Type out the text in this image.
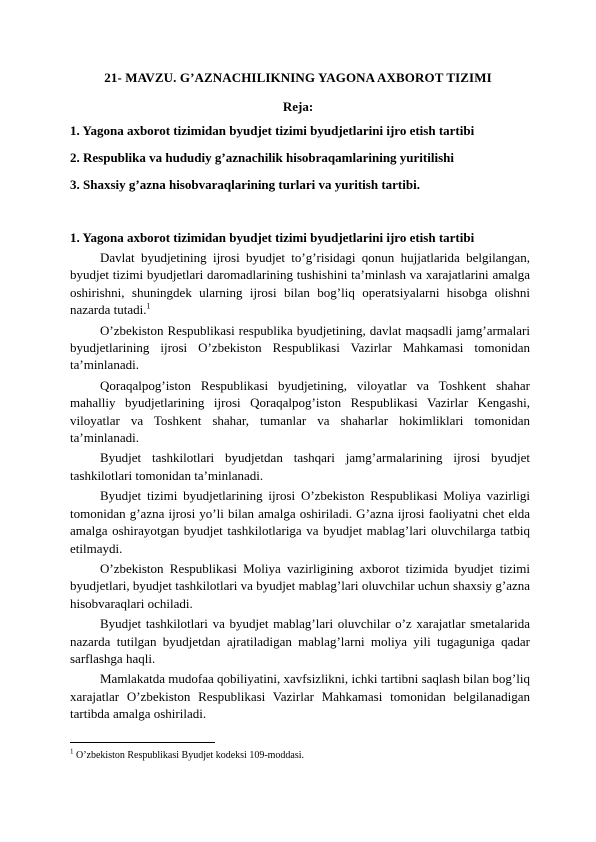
21- MAVZU. G’AZNACHILIKNING YAGONA AXBOROT TIZIMI
Reja:
1. Yagona axborot tizimidan byudjet tizimi byudjetlarini ijro etish tartibi
2. Respublika va hududiy g’aznachilik hisobraqamlarining yuritilishi
3. Shaxsiy g’azna hisobvaraqlarining turlari va yuritish tartibi.
1. Yagona axborot tizimidan byudjet tizimi byudjetlarini ijro etish tartibi

Davlat byudjetining ijrosi byudjet to’g’risidagi qonun hujjatlarida belgilangan, byudjet tizimi byudjetlari daromadlarining tushishini ta’minlash va xarajatlarini amalga oshirishni, shuningdek ularning ijrosi bilan bog’liq operatsiyalarni hisobga olishni nazarda tutadi.$^1$

O’zbekiston Respublikasi respublika byudjetining, davlat maqsadli jamg’armalari byudjetlarining ijrosi O’zbekiston Respublikasi Vazirlar Mahkamasi tomonidan ta’minlanadi.

Qoraqalpog’iston Respublikasi byudjetining, viloyatlar va Toshkent shahar mahalliy byudjetlarining ijrosi Qoraqalpog’iston Respublikasi Vazirlar Kengashi, viloyatlar va Toshkent shahar, tumanlar va shaharlar hokimliklari tomonidan ta’minlanadi.

Byudjet tashkilotlari byudjetdan tashqari jamg’armalarining ijrosi byudjet tashkilotlari tomonidan ta’minlanadi.

Byudjet tizimi byudjetlarining ijrosi O’zbekiston Respublikasi Moliya vazirligi tomonidan g’azna ijrosi yo’li bilan amalga oshiriladi. G’azna ijrosi faoliyatni chet elda amalga oshirayotgan byudjet tashkilotlariga va byudjet mablag’lari oluvchilarga tatbiq etilmaydi.

O’zbekiston Respublikasi Moliya vazirligining axborot tizimida byudjet tizimi byudjetlari, byudjet tashkilotlari va byudjet mablag’lari oluvchilar uchun shaxsiy g’azna hisobvaraqlari ochiladi.

Byudjet tashkilotlari va byudjet mablag’lari oluvchilar o’z xarajatlar smetalarida nazarda tutilgan byudjetdan ajratiladigan mablag’larni moliya yili tugaguniga qadar sarflashga haqli.

Mamlakatda mudofaa qobiliyatini, xavfsizlikni, ichki tartibni saqlash bilan bog’liq xarajatlar O’zbekiston Respublikasi Vazirlar Mahkamasi tomonidan belgilanadigan tartibda amalga oshiriladi.

$^1$ O’zbekiston Respublikasi Byudjet kodeksi 109-moddasi.
